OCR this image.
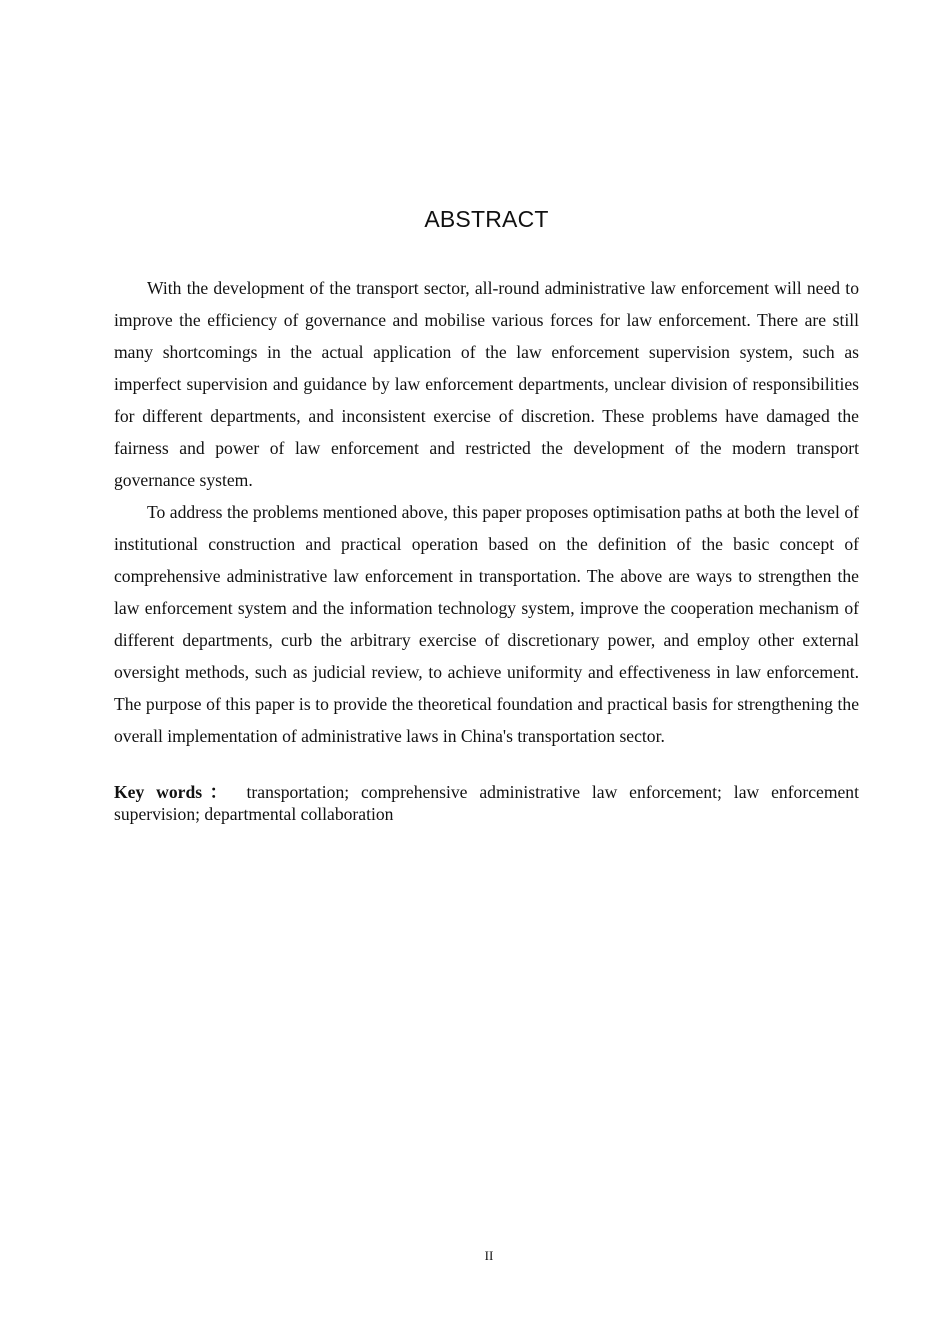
ABSTRACT

With the development of the transport sector, all-round administrative law enforcement will need to improve the efficiency of governance and mobilise various forces for law enforcement. There are still many shortcomings in the actual application of the law enforcement supervision system, such as imperfect supervision and guidance by law enforcement departments, unclear division of responsibilities for different departments, and inconsistent exercise of discretion. These problems have damaged the fairness and power of law enforcement and restricted the development of the modern transport governance system.

To address the problems mentioned above, this paper proposes optimisation paths at both the level of institutional construction and practical operation based on the definition of the basic concept of comprehensive administrative law enforcement in transportation. The above are ways to strengthen the law enforcement system and the information technology system, improve the cooperation mechanism of different departments, curb the arbitrary exercise of discretionary power, and employ other external oversight methods, such as judicial review, to achieve uniformity and effectiveness in law enforcement. The purpose of this paper is to provide the theoretical foundation and practical basis for strengthening the overall implementation of administrative laws in China's transportation sector.

Key words： transportation; comprehensive administrative law enforcement; law enforcement supervision; departmental collaboration
II
